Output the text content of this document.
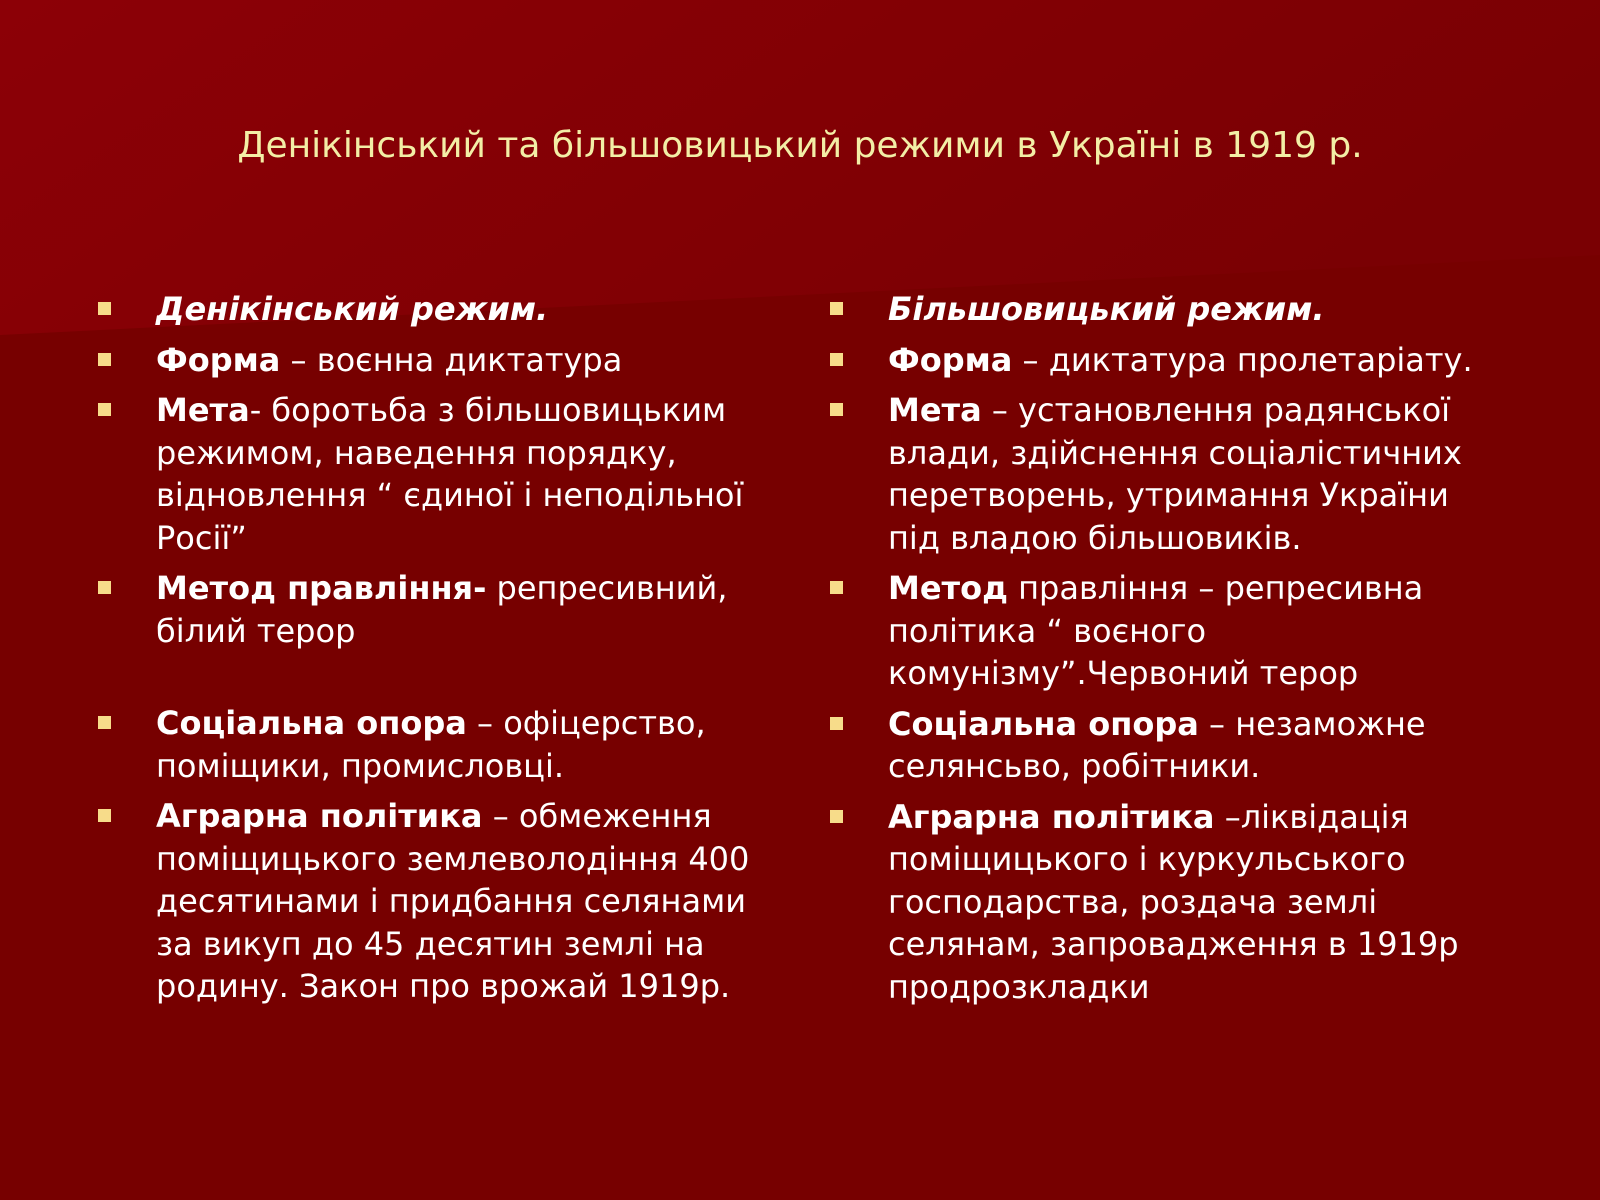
Денікінський та більшовицький режими в Україні в 1919 р.
Денікінський режим.
Форма – воєнна диктатура
Мета- боротьба з більшовицьким режимом, наведення порядку, відновлення “ єдиної і неподільної Росії”
Метод правління- репресивний, білий терор
Соціальна опора – офіцерство, поміщики, промисловці.
Аграрна політика – обмеження поміщицького землеволодіння 400 десятинами і придбання селянами за викуп до 45 десятин землі на родину. Закон про врожай 1919р.
Більшовицький режим.
Форма – диктатура пролетаріату.
Мета – установлення радянської влади, здійснення соціалістичних перетворень, утримання України під владою більшовиків.
Метод правління – репресивна політика “ воєного комунізму”.Червоний терор
Соціальна опора – незаможне селянсьво, робітники.
Аграрна політика –ліквідація поміщицького і куркульського господарства, роздача землі селянам, запровадження в 1919р продрозкладки
